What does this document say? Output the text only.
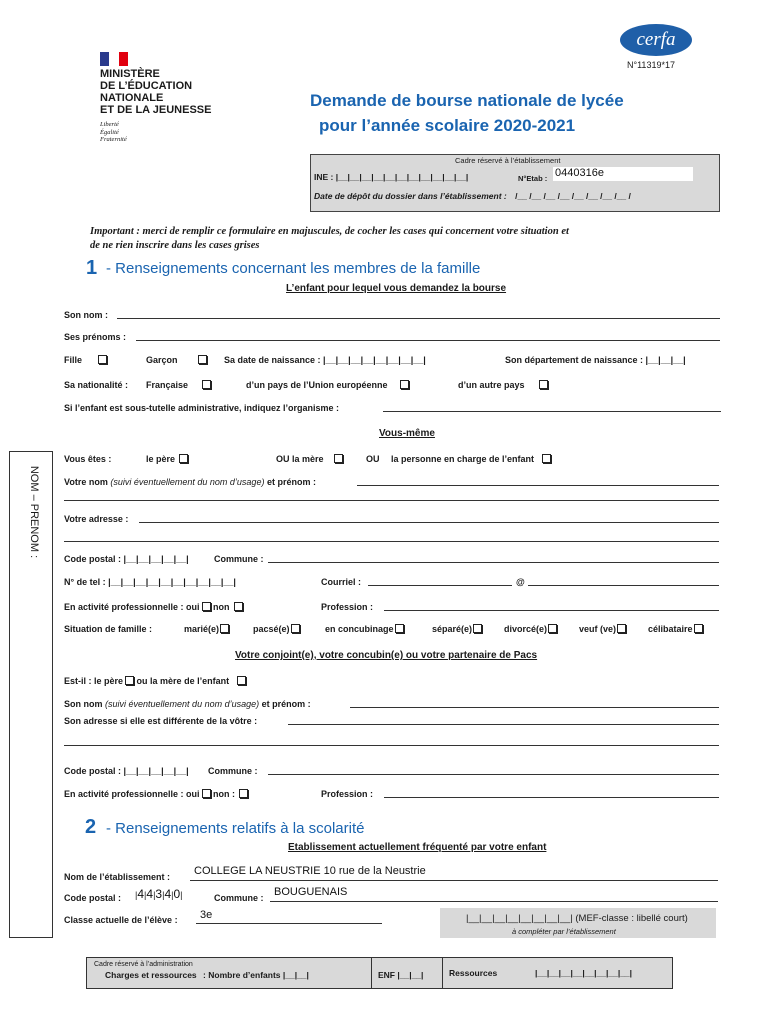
MINISTÈRE
DE L’ÉDUCATION
NATIONALE
ET DE LA JEUNESSE
Liberté
Égalité
Fraternité
cerfa
N°11319*17
Demande de bourse nationale de lycée
pour l’année scolaire 2020-2021
Cadre réservé à l’établissement
INE : |__|__|__|__|__|__|__|__|__|__|__|	N°Etab : 0440316e
Date de dépôt du dossier dans l’établissement : /__ /__ /__ /__ /__ /__ /__ /__ /
Important : merci de remplir ce formulaire en majuscules, de cocher les cases qui concernent votre situation et
de ne rien inscrire dans les cases grises
NOM – PRENOM :
1 - Renseignements concernant les membres de la famille
L’enfant pour lequel vous demandez la bourse
Son nom :
Ses prénoms :
Fille	Garçon	Sa date de naissance : |__|__|__|__|__|__|__|__|	Son département de naissance : |__|__|__|
Sa nationalité : Française	d’un pays de l’Union européenne	d’un autre pays
Si l’enfant est sous-tutelle administrative, indiquez l’organisme :
Vous-même
Vous êtes :	le père	OU la mère	OU la personne en charge de l’enfant
Votre nom (suivi éventuellement du nom d’usage) et prénom :
Votre adresse :
Code postal : |__|__|__|__|__|	Commune :
N° de tel : |__|__|__|__|__|__|__|__|__|__|	Courriel :	@
En activité professionnelle : oui non	Profession :
Situation de famille :	marié(e)	pacsé(e)	en concubinage	séparé(e)	divorcé(e)	veuf (ve)	célibataire
Votre conjoint(e), votre concubin(e) ou votre partenaire de Pacs
Est-il : le père ou la mère de l’enfant
Son nom (suivi éventuellement du nom d’usage) et prénom :
Son adresse si elle est différente de la vôtre :
Code postal : |__|__|__|__|__| Commune :
En activité professionnelle : oui non :	Profession :
2 - Renseignements relatifs à la scolarité
Etablissement actuellement fréquenté par votre enfant
Nom de l’établissement : COLLEGE LA NEUSTRIE 10 rue de la Neustrie
Code postal : |4|4|3|4|0|	Commune : BOUGUENAIS
Classe actuelle de l’élève : 3e	|__|__|__|__|__|__|__|__| (MEF-classe : libellé court)
à compléter par l’établissement
Cadre réservé à l’administration
Charges et ressources : Nombre d’enfants |__|__|	ENF |__|__|	Ressources	|__|__|__|__|__|__|__|__|
